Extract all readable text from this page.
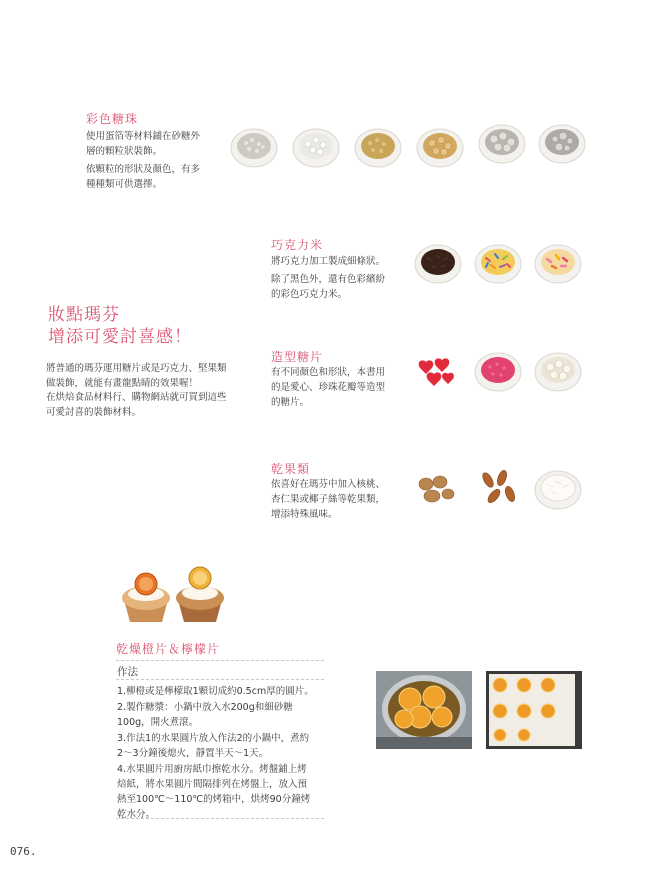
彩色糖珠

使用蛋箔等材料鋪在砂糖外
層的顆粒狀裝飾。

依顆粒的形狀及顏色，有多
種種類可供選擇。

巧克力米

將巧克力加工製成細條狀。

除了黑色外，還有色彩繽紛
的彩色巧克力米。

妝點瑪芬
增添可愛討喜感！
將普通的瑪芬運用糖片或是巧克力、堅果類
做裝飾，就能有畫龍點睛的效果喔！
在烘焙食品材料行、購物網站就可買到這些
可愛討喜的裝飾材料。
造型糖片

有不同顏色和形狀，本書用
的是愛心、珍珠花瓣等造型
的糖片。

乾果類

依喜好在瑪芬中加入核桃、
杏仁果或椰子絲等乾果類，
增添特殊風味。

乾燥橙片＆檸檬片
作法
1.柳橙或是檸檬取1顆切成約0.5cm厚的圓片。
2.製作糖漿：小鍋中放入水200g和細砂糖
100g，開火煮滾。
3.作法1的水果圓片放入作法2的小鍋中，煮約
2～3分鐘後熄火，靜置半天～1天。
4.水果圓片用廚房紙巾擦乾水分。烤盤鋪上烤
焙紙，將水果圓片間隔排列在烤盤上，放入預
熱至100℃～110℃的烤箱中，烘烤90分鐘烤
乾水分。
076.
